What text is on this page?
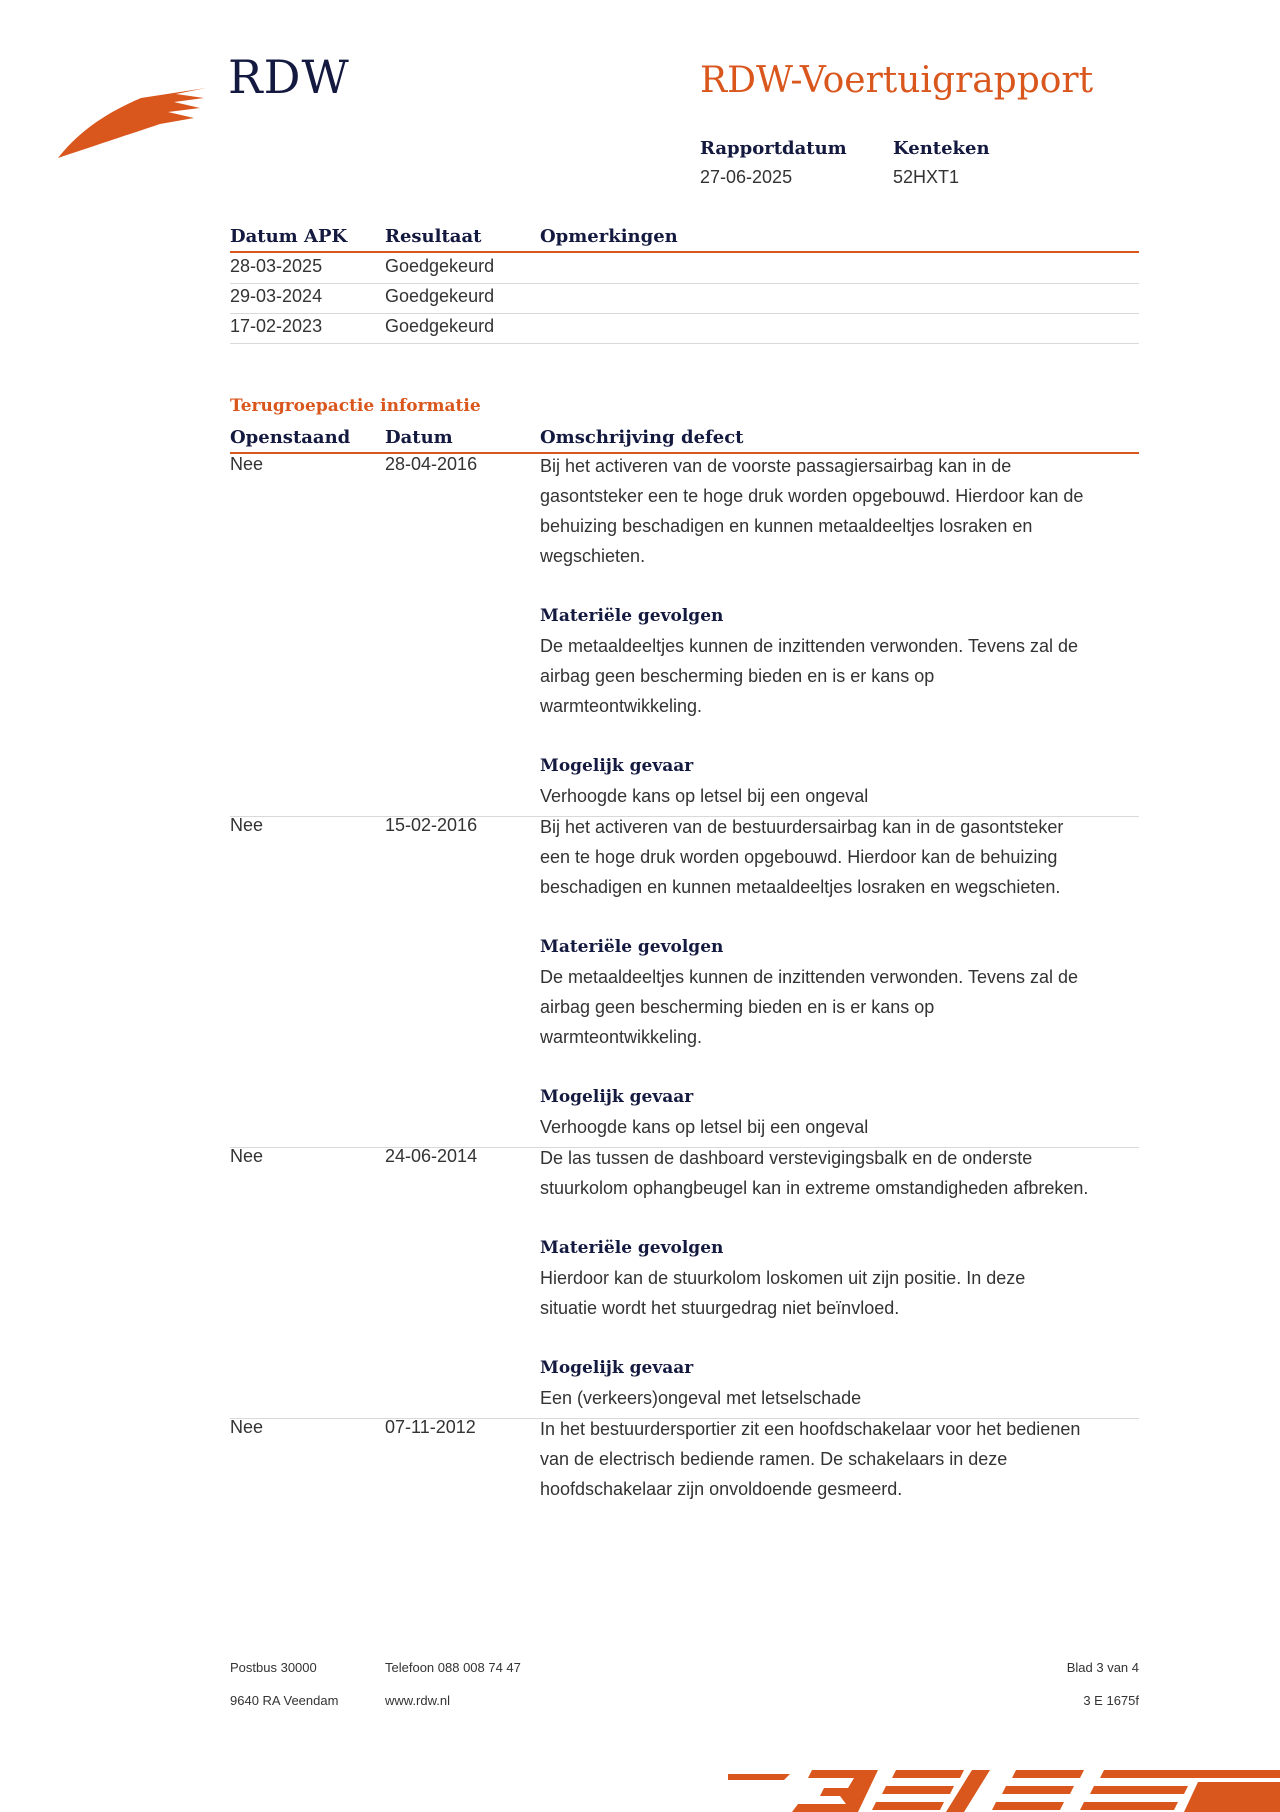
RDW	RDW-Voertuigrapport
Rapportdatum
27-06-2025
Kenteken
52HXT1
Datum APK Resultaat	Opmerkingen
28-03-2025	Goedgekeurd
29-03-2024	Goedgekeurd
17-02-2023	Goedgekeurd
Terugroepactie informatie
Openstaand Datum	Omschrijving defect
Nee	28-04-2016	Bij het activeren van de voorste passagiersairbag kan in de

gasontsteker een te hoge druk worden opgebouwd. Hierdoor kan de

behuizing beschadigen en kunnen metaaldeeltjes losraken en

wegschieten.

Materiële gevolgen

De metaaldeeltjes kunnen de inzittenden verwonden. Tevens zal de

airbag geen bescherming bieden en is er kans op

warmteontwikkeling.

Mogelijk gevaar

Verhoogde kans op letsel bij een ongeval

Nee	15-02-2016	Bij het activeren van de bestuurdersairbag kan in de gasontsteker

een te hoge druk worden opgebouwd. Hierdoor kan de behuizing

beschadigen en kunnen metaaldeeltjes losraken en wegschieten.

Materiële gevolgen

De metaaldeeltjes kunnen de inzittenden verwonden. Tevens zal de

airbag geen bescherming bieden en is er kans op

warmteontwikkeling.

Mogelijk gevaar

Verhoogde kans op letsel bij een ongeval

Nee	24-06-2014	De las tussen de dashboard verstevigingsbalk en de onderste

stuurkolom ophangbeugel kan in extreme omstandigheden afbreken.

Materiële gevolgen

Hierdoor kan de stuurkolom loskomen uit zijn positie. In deze

situatie wordt het stuurgedrag niet beïnvloed.

Mogelijk gevaar

Een (verkeers)ongeval met letselschade

Nee	07-11-2012	In het bestuurdersportier zit een hoofdschakelaar voor het bedienen

van de electrisch bediende ramen. De schakelaars in deze

hoofdschakelaar zijn onvoldoende gesmeerd.

Postbus 30000
9640 RA Veendam
Telefoon 088 008 74 47
www.rdw.nl
Blad 3 van 4
3 E 1675f
